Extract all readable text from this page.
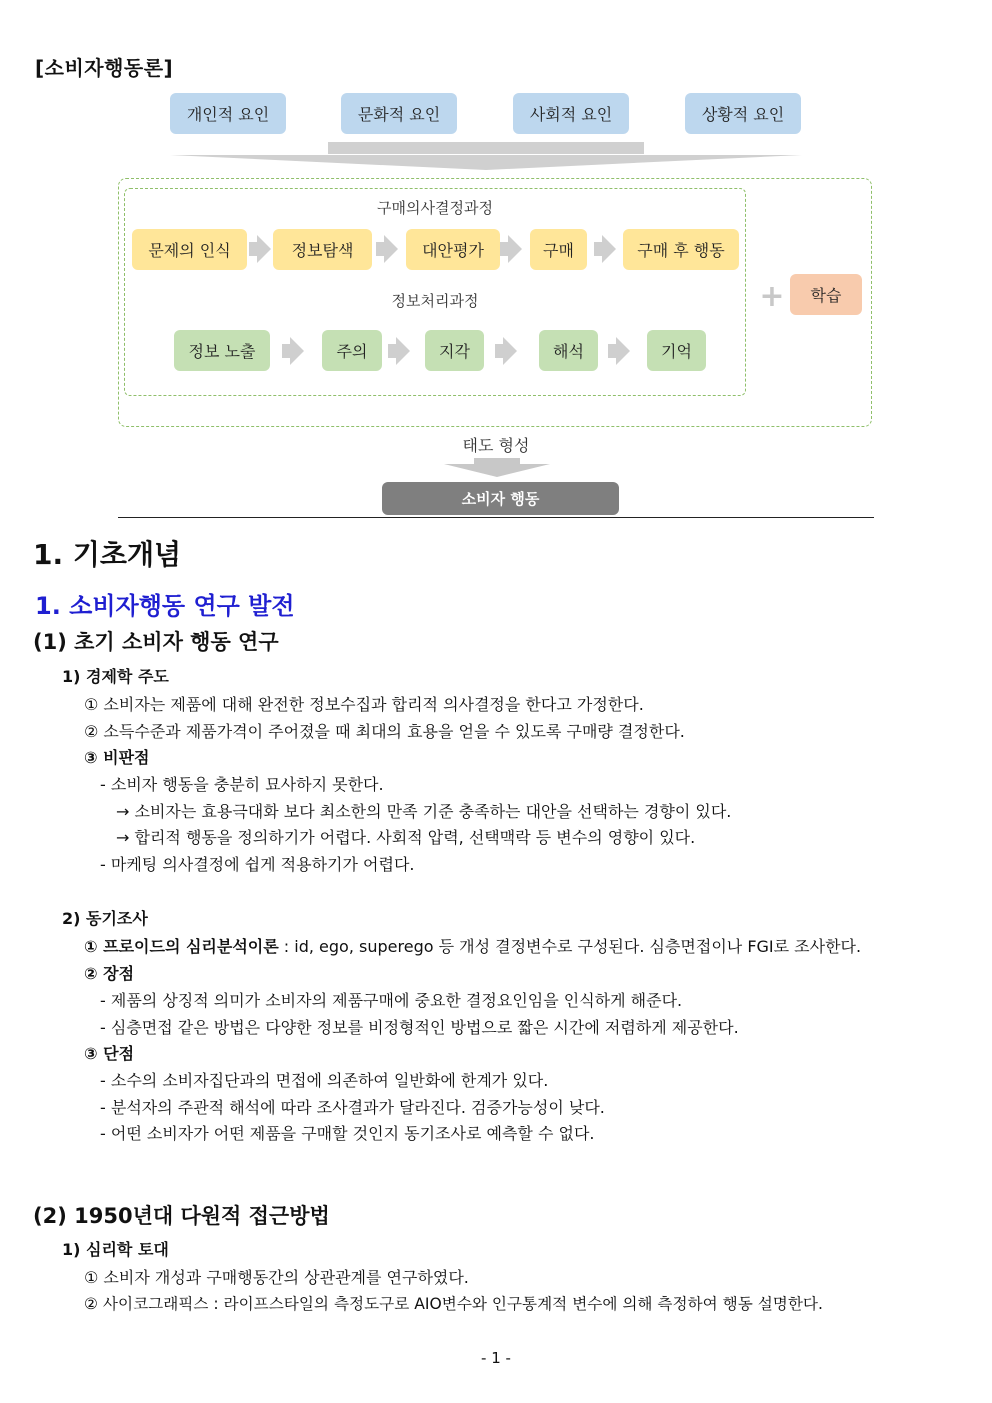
[소비자행동론]
개인적 요인	문화적 요인	사회적 요인	상황적 요인
구매의사결정과정
문제의 인식	정보탐색	대안평가	구매	구매 후 행동
정보처리과정
정보 노출	주의	지각	해석	기억
+	학습
태도 형성
소비자 행동
1. 기초개념
1. 소비자행동 연구 발전
(1) 초기 소비자 행동 연구
1) 경제학 주도
① 소비자는 제품에 대해 완전한 정보수집과 합리적 의사결정을 한다고 가정한다.
② 소득수준과 제품가격이 주어졌을 때 최대의 효용을 얻을 수 있도록 구매량 결정한다.
③ 비판점
- 소비자 행동을 충분히 묘사하지 못한다.
→ 소비자는 효용극대화 보다 최소한의 만족 기준 충족하는 대안을 선택하는 경향이 있다.
→ 합리적 행동을 정의하기가 어렵다. 사회적 압력, 선택맥락 등 변수의 영향이 있다.
- 마케팅 의사결정에 쉽게 적용하기가 어렵다.
2) 동기조사
① 프로이드의 심리분석이론 : id, ego, superego 등 개성 결정변수로 구성된다. 심층면접이나 FGI로 조사한다.
② 장점
- 제품의 상징적 의미가 소비자의 제품구매에 중요한 결정요인임을 인식하게 해준다.
- 심층면접 같은 방법은 다양한 정보를 비정형적인 방법으로 짧은 시간에 저렴하게 제공한다.
③ 단점
- 소수의 소비자집단과의 면접에 의존하여 일반화에 한계가 있다.
- 분석자의 주관적 해석에 따라 조사결과가 달라진다. 검증가능성이 낮다.
- 어떤 소비자가 어떤 제품을 구매할 것인지 동기조사로 예측할 수 없다.
(2) 1950년대 다원적 접근방법
1) 심리학 토대
① 소비자 개성과 구매행동간의 상관관계를 연구하였다.
② 사이코그래픽스 : 라이프스타일의 측정도구로 AIO변수와 인구통계적 변수에 의해 측정하여 행동 설명한다.
- 1 -
